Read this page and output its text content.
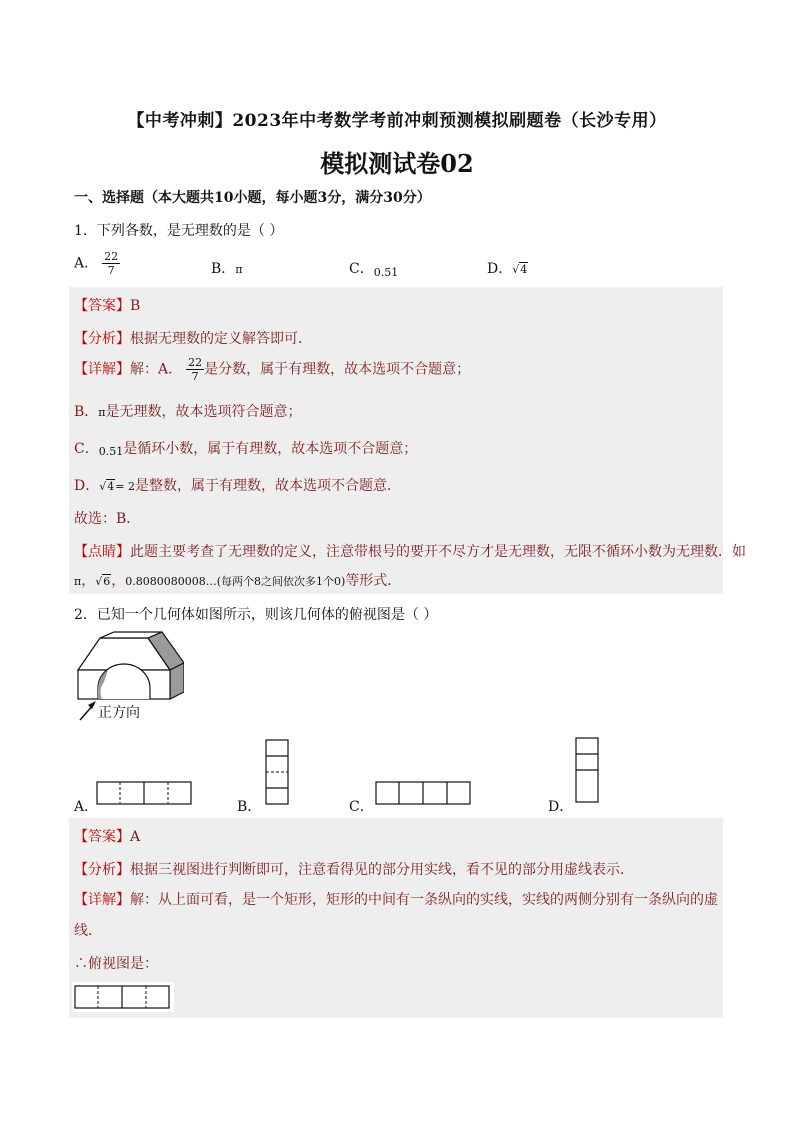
【中考冲刺】2023年中考数学考前冲刺预测模拟刷题卷（长沙专用）
模拟测试卷02
一、选择题（本大题共10小题，每小题3分，满分30分）
1．下列各数，是无理数的是（ ）
A． $\frac{22}{7}$	B．π	C．$_{0.51}$	D．√4
【答案】B
【分析】根据无理数的定义解答即可．
【详解】解：A． $\frac{22}{7}$ 是分数，属于有理数，故本选项不合题意；
B．π是无理数，故本选项符合题意；
C．0.51是循环小数，属于有理数，故本选项不合题意；
D．√4= 2是整数，属于有理数，故本选项不合题意．
故选：B．
【点睛】此题主要考查了无理数的定义，注意带根号的要开不尽方才是无理数，无限不循环小数为无理数．如
π，√6，0.8080080008…(每两个8之间依次多1个0)等形式．
2．已知一个几何体如图所示，则该几何体的俯视图是（ ）
正方向
A．	B．	C．	D．
【答案】A
【分析】根据三视图进行判断即可，注意看得见的部分用实线，看不见的部分用虚线表示．
【详解】解：从上面可看，是一个矩形，矩形的中间有一条纵向的实线，实线的两侧分别有一条纵向的虚
线．
∴俯视图是：
